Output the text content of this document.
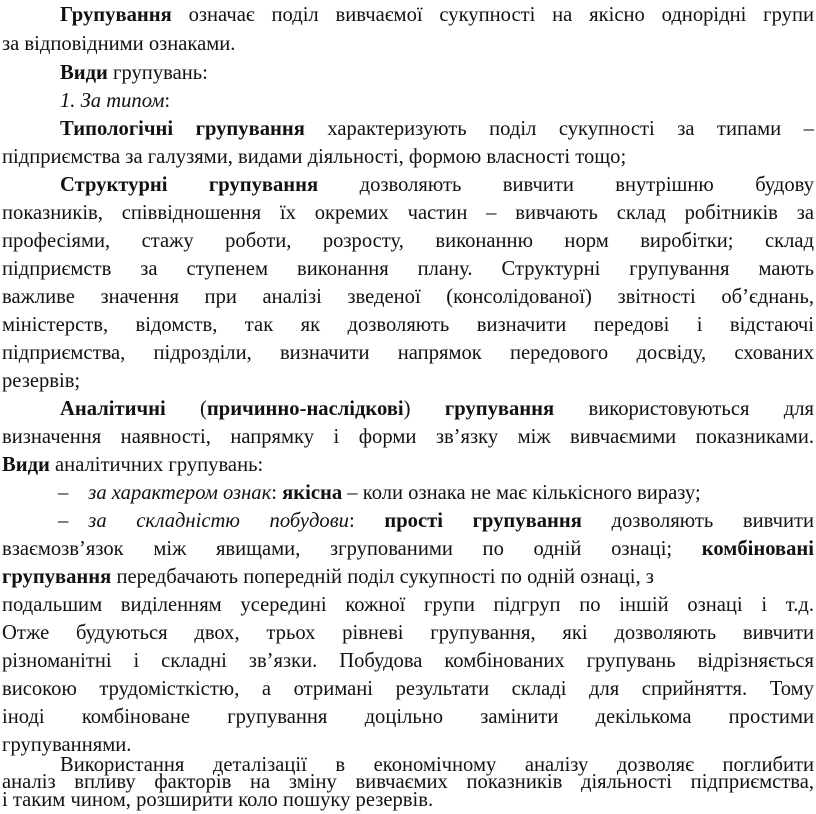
Групування означає поділ вивчаємої сукупності на якісно однорідні групи
за відповідними ознаками.
Види групувань:
1. За типом:
Типологічні групування характеризують поділ сукупності за типами –
підприємства за галузями, видами діяльності, формою власності тощо;
Структурні групування дозволяють вивчити внутрішню будову
показників, співвідношення їх окремих частин – вивчають склад робітників за
професіями, стажу роботи, розросту, виконанню норм виробітки; склад
підприємств за ступенем виконання плану. Структурні групування мають
важливе значення при аналізі зведеної (консолідованої) звітності об’єднань,
міністерств, відомств, так як дозволяють визначити передові і відстаючі
підприємства, підрозділи, визначити напрямок передового досвіду, схованих
резервів;
Аналітичні (причинно-наслідкові) групування використовуються для
визначення наявності, напрямку і форми зв’язку між вивчаємими показниками.
Види аналітичних групувань:
– за характером ознак: якісна – коли ознака не має кількісного виразу;
– за складністю побудови: прості групування дозволяють вивчити
взаємозв’язок між явищами, згрупованими по одній ознаці; комбіновані
групування передбачають попередній поділ сукупності по одній ознаці, з
подальшим виділенням усередині кожної групи підгруп по іншій ознаці і т.д.
Отже будуються двох, трьох рівневі групування, які дозволяють вивчити
різноманітні і складні зв’язки. Побудова комбінованих групувань відрізняється
високою трудомісткістю, а отримані результати складі для сприйняття. Тому
іноді комбіноване групування доцільно замінити декількома простими
групуваннями.
Використання деталізації в економічному аналізу дозволяє поглибити
аналіз впливу факторів на зміну вивчаємих показників діяльності підприємства,
і таким чином, розширити коло пошуку резервів.
